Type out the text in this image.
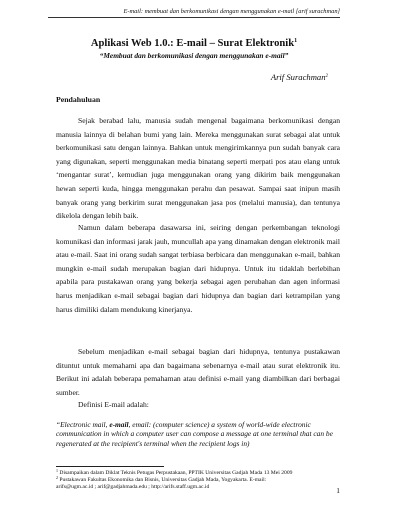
E-mail: membuat dan berkomunikasi dengan menggunakan e-mail [arif surachman]
Aplikasi Web 1.0.: E-mail – Surat Elektronik$^1$
“Membuat dan berkomunikasi dengan menggunakan e-mail”
Arif Surachman$^2$
Pendahuluan

Sejak berabad lalu, manusia sudah mengenal bagaimana berkomunikasi dengan manusia lainnya di belahan bumi yang lain. Mereka menggunakan surat sebagai alat untuk berkomunikasi satu dengan lainnya. Bahkan untuk mengirimkannya pun sudah banyak cara yang digunakan, seperti menggunakan media binatang seperti merpati pos atau elang untuk ‘mengantar surat’, kemudian juga menggunakan orang yang dikirim baik menggunakan hewan seperti kuda, hingga menggunakan perahu dan pesawat. Sampai saat inipun masih banyak orang yang berkirim surat menggunakan jasa pos (melalui manusia), dan tentunya dikelola dengan lebih baik.

Namun dalam beberapa dasawarsa ini, seiring dengan perkembangan teknologi komunikasi dan informasi jarak jauh, muncullah apa yang dinamakan dengan elektronik mail atau e-mail. Saat ini orang sudah sangat terbiasa berbicara dan menggunakan e-mail, bahkan mungkin e-mail sudah merupakan bagian dari hidupnya. Untuk itu tidaklah berlebihan apabila para pustakawan orang yang bekerja sebagai agen perubahan dan agen informasi harus menjadikan e-mail sebagai bagian dari hidupnya dan bagian dari ketrampilan yang harus dimiliki dalam mendukung kinerjanya.

Sebelum menjadikan e-mail sebagai bagian dari hidupnya, tentunya pustakawan dituntut untuk memahami apa dan bagaimana sebenarnya e-mail atau surat elektronik itu. Berikut ini adalah beberapa pemahaman atau definisi e-mail yang diambilkan dari berbagai sumber.

Definisi E-mail adalah:

“Electronic mail, e-mail, email: (computer science) a system of world-wide electronic communication in which a computer user can compose a message at one terminal that can be regenerated at the recipient's terminal when the recipient logs in)
$^1$ Disampaikan dalam Diklat Teknis Petugas Perpustakaan, PPTIK Universitas Gadjah Mada 13 Mei 2009
$^2$ Pustakawan Fakultas Ekonomika dan Bisnis, Universitas Gadjah Mada, Yogyakarta. E-mail:
arifs@ugm.ac.id ; arif@gadjahmada.edu ; http://arifs.staff.ugm.ac.id	1
